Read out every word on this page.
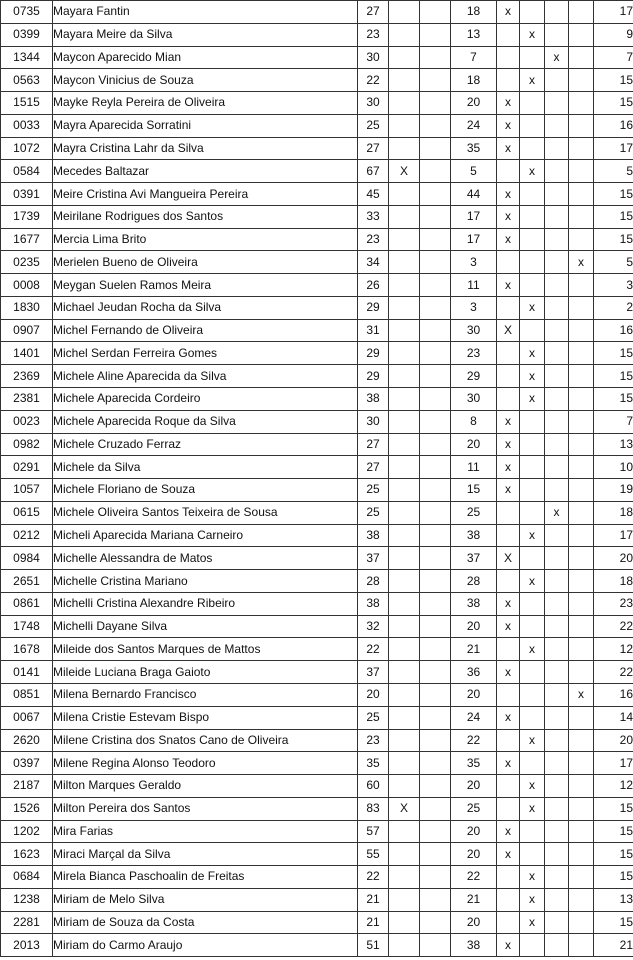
0735	Mayara Fantin	27			18	x				17
0399	Mayara Meire da Silva	23			13		x			9
1344	Maycon Aparecido Mian	30			7			x		7
0563	Maycon Vinicius de Souza	22			18		x			15
1515	Mayke Reyla Pereira de Oliveira	30			20	x				15
0033	Mayra Aparecida Sorratini	25			24	x				16
1072	Mayra Cristina Lahr da Silva	27			35	x				17
0584	Mecedes Baltazar	67	X		5		x			5
0391	Meire Cristina Avi Mangueira Pereira	45			44	x				15
1739	Meirilane Rodrigues dos Santos	33			17	x				15
1677	Mercia Lima Brito	23			17	x				15
0235	Merielen Bueno de Oliveira	34			3				x	5
0008	Meygan Suelen Ramos Meira	26			11	x				3
1830	Michael Jeudan Rocha da Silva	29			3		x			2
0907	Michel Fernando de Oliveira	31			30	X				16
1401	Michel Serdan Ferreira Gomes	29			23		x			15
2369	Michele Aline Aparecida da Silva	29			29		x			15
2381	Michele Aparecida Cordeiro	38			30		x			15
0023	Michele Aparecida Roque da Silva	30			8	x				7
0982	Michele Cruzado Ferraz	27			20	x				13
0291	Michele da Silva	27			11	x				10
1057	Michele Floriano de Souza	25			15	x				19
0615	Michele Oliveira Santos Teixeira de Sousa	25			25			x		18
0212	Micheli Aparecida Mariana Carneiro	38			38		x			17
0984	Michelle Alessandra de Matos	37			37	X				20
2651	Michelle Cristina Mariano	28			28		x			18
0861	Michelli Cristina Alexandre Ribeiro	38			38	x				23
1748	Michelli Dayane Silva	32			20	x				22
1678	Mileide dos Santos Marques de Mattos	22			21		x			12
0141	Mileide Luciana Braga Gaioto	37			36	x				22
0851	Milena Bernardo Francisco	20			20				x	16
0067	Milena Cristie Estevam Bispo	25			24	x				14
2620	Milene Cristina dos Snatos Cano de Oliveira	23			22		x			20
0397	Milene Regina Alonso Teodoro	35			35	x				17
2187	Milton Marques Geraldo	60			20		x			12
1526	Milton Pereira dos Santos	83	X		25		x			15
1202	Mira Farias	57			20	x				15
1623	Miraci Marçal da Silva	55			20	x				15
0684	Mirela Bianca Paschoalin de Freitas	22			22		x			15
1238	Miriam de Melo Silva	21			21		x			13
2281	Miriam de Souza da Costa	21			20		x			15
2013	Miriam do Carmo Araujo	51			38	x				21
